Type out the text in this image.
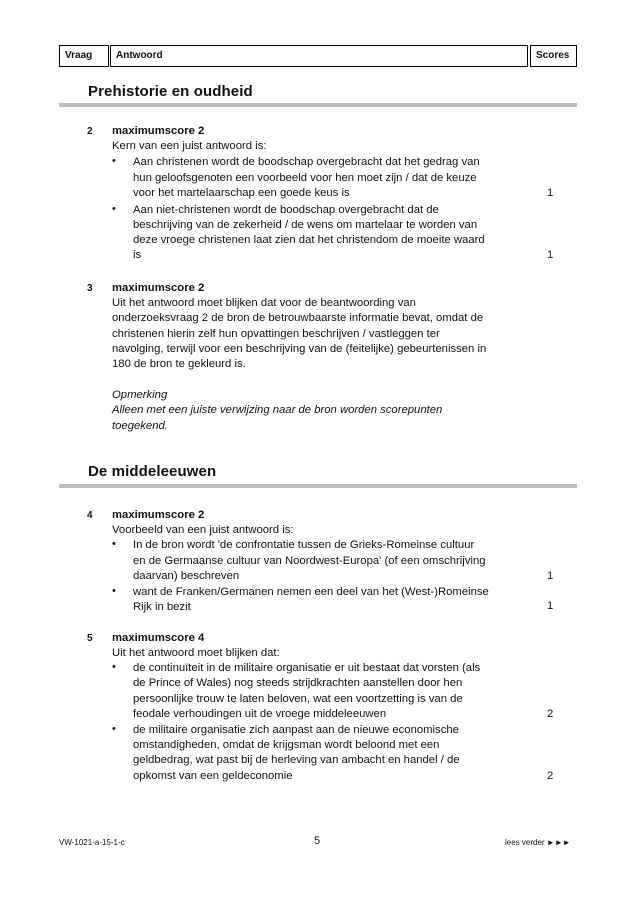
Vraag	Antwoord	Scores
Prehistorie en oudheid
2 maximumscore 2
Kern van een juist antwoord is:
• Aan christenen wordt de boodschap overgebracht dat het gedrag van
hun geloofsgenoten een voorbeeld voor hen moet zijn / dat de keuze
voor het martelaarschap een goede keus is	1
• Aan niet-christenen wordt de boodschap overgebracht dat de
beschrijving van de zekerheid / de wens om martelaar te worden van
deze vroege christenen laat zien dat het christendom de moeite waard
is	1
3 maximumscore 2
Uit het antwoord moet blijken dat voor de beantwoording van
onderzoeksvraag 2 de bron de betrouwbaarste informatie bevat, omdat de
christenen hierin zelf hun opvattingen beschrijven / vastleggen ter
navolging, terwijl voor een beschrijving van de (feitelijke) gebeurtenissen in
180 de bron te gekleurd is.
Opmerking
Alleen met een juiste verwijzing naar de bron worden scorepunten
toegekend.
De middeleeuwen
4 maximumscore 2
Voorbeeld van een juist antwoord is:
• In de bron wordt 'de confrontatie tussen de Grieks-Romeinse cultuur
en de Germaanse cultuur van Noordwest-Europa' (of een omschrijving
daarvan) beschreven	1
• want de Franken/Germanen nemen een deel van het (West-)Romeinse
Rijk in bezit	1
5 maximumscore 4
Uit het antwoord moet blijken dat:
• de continuïteit in de militaire organisatie er uit bestaat dat vorsten (als
de Prince of Wales) nog steeds strijdkrachten aanstellen door hen
persoonlijke trouw te laten beloven, wat een voortzetting is van de
feodale verhoudingen uit de vroege middeleeuwen	2
• de militaire organisatie zich aanpast aan de nieuwe economische
omstandigheden, omdat de krijgsman wordt beloond met een
geldbedrag, wat past bij de herleving van ambacht en handel / de
opkomst van een geldeconomie	2
VW-1021-a-15-1-c	5	lees verder ►►►
